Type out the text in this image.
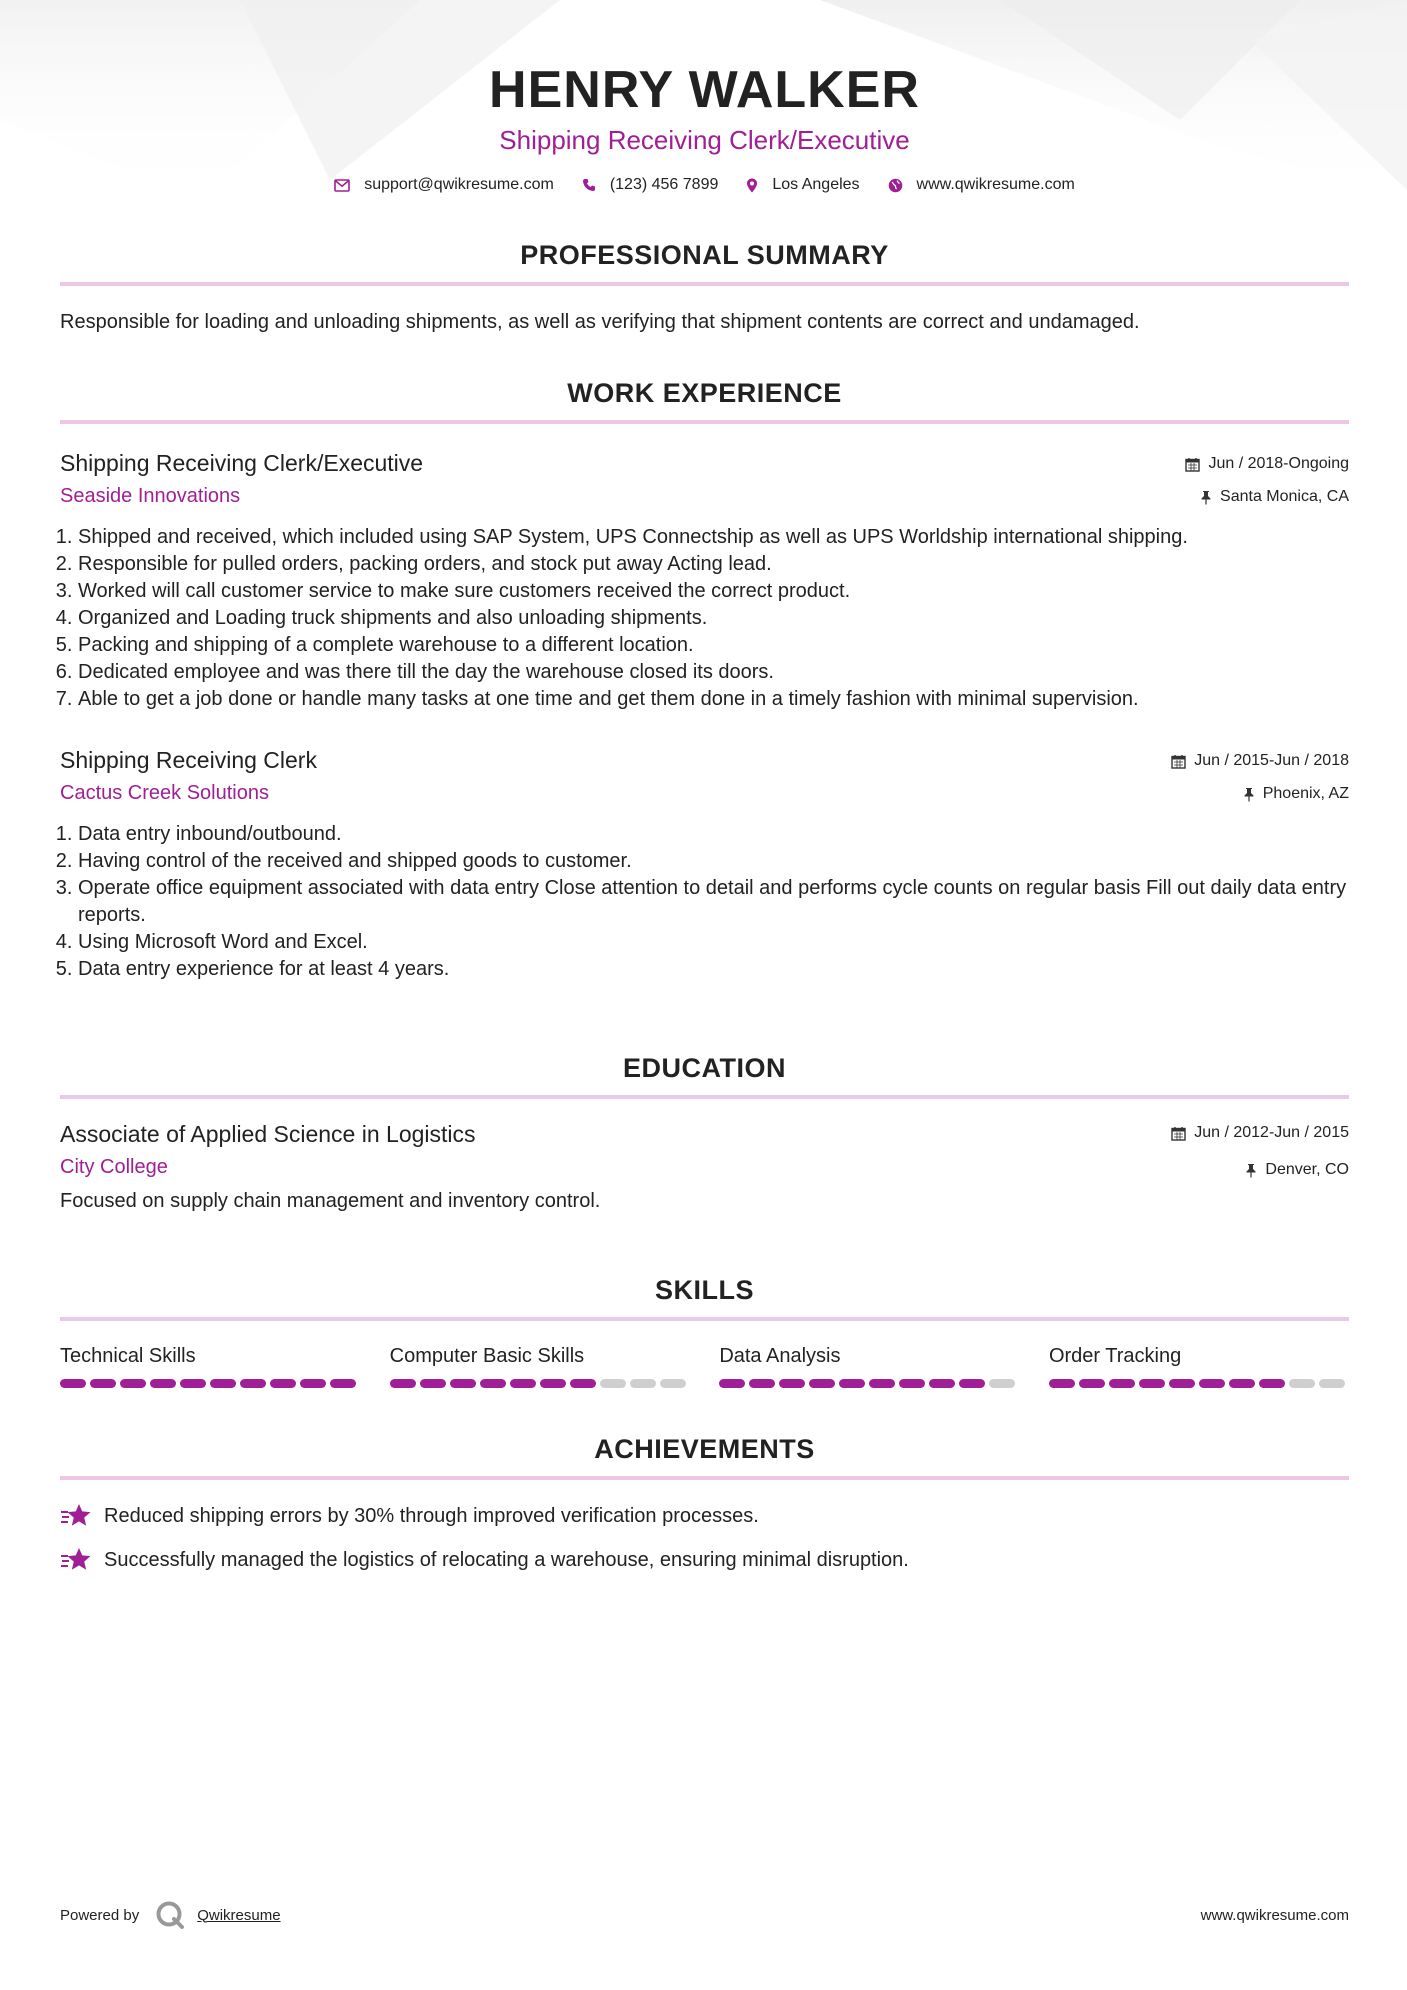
HENRY WALKER
Shipping Receiving Clerk/Executive
support@qwikresume.com	(123) 456 7899	Los Angeles	www.qwikresume.com
PROFESSIONAL SUMMARY
Responsible for loading and unloading shipments, as well as verifying that shipment contents are correct and undamaged.
WORK EXPERIENCE
Shipping Receiving Clerk/Executive
Seaside Innovations
Jun / 2018-Ongoing
Santa Monica, CA
1. Shipped and received, which included using SAP System, UPS Connectship as well as UPS Worldship international shipping.
2. Responsible for pulled orders, packing orders, and stock put away Acting lead.
3. Worked will call customer service to make sure customers received the correct product.
4. Organized and Loading truck shipments and also unloading shipments.
5. Packing and shipping of a complete warehouse to a different location.
6. Dedicated employee and was there till the day the warehouse closed its doors.
7. Able to get a job done or handle many tasks at one time and get them done in a timely fashion with minimal supervision.
Shipping Receiving Clerk
Cactus Creek Solutions
Jun / 2015-Jun / 2018
Phoenix, AZ
1. Data entry inbound/outbound.
2. Having control of the received and shipped goods to customer.
3. Operate office equipment associated with data entry Close attention to detail and performs cycle counts on regular basis Fill out daily data entry reports.
4. Using Microsoft Word and Excel.
5. Data entry experience for at least 4 years.
EDUCATION
Associate of Applied Science in Logistics
City College
Jun / 2012-Jun / 2015
Denver, CO
Focused on supply chain management and inventory control.
SKILLS
Technical Skills	Computer Basic Skills	Data Analysis	Order Tracking
ACHIEVEMENTS
Reduced shipping errors by 30% through improved verification processes.
Successfully managed the logistics of relocating a warehouse, ensuring minimal disruption.
Powered by	Qwikresume	www.qwikresume.com
